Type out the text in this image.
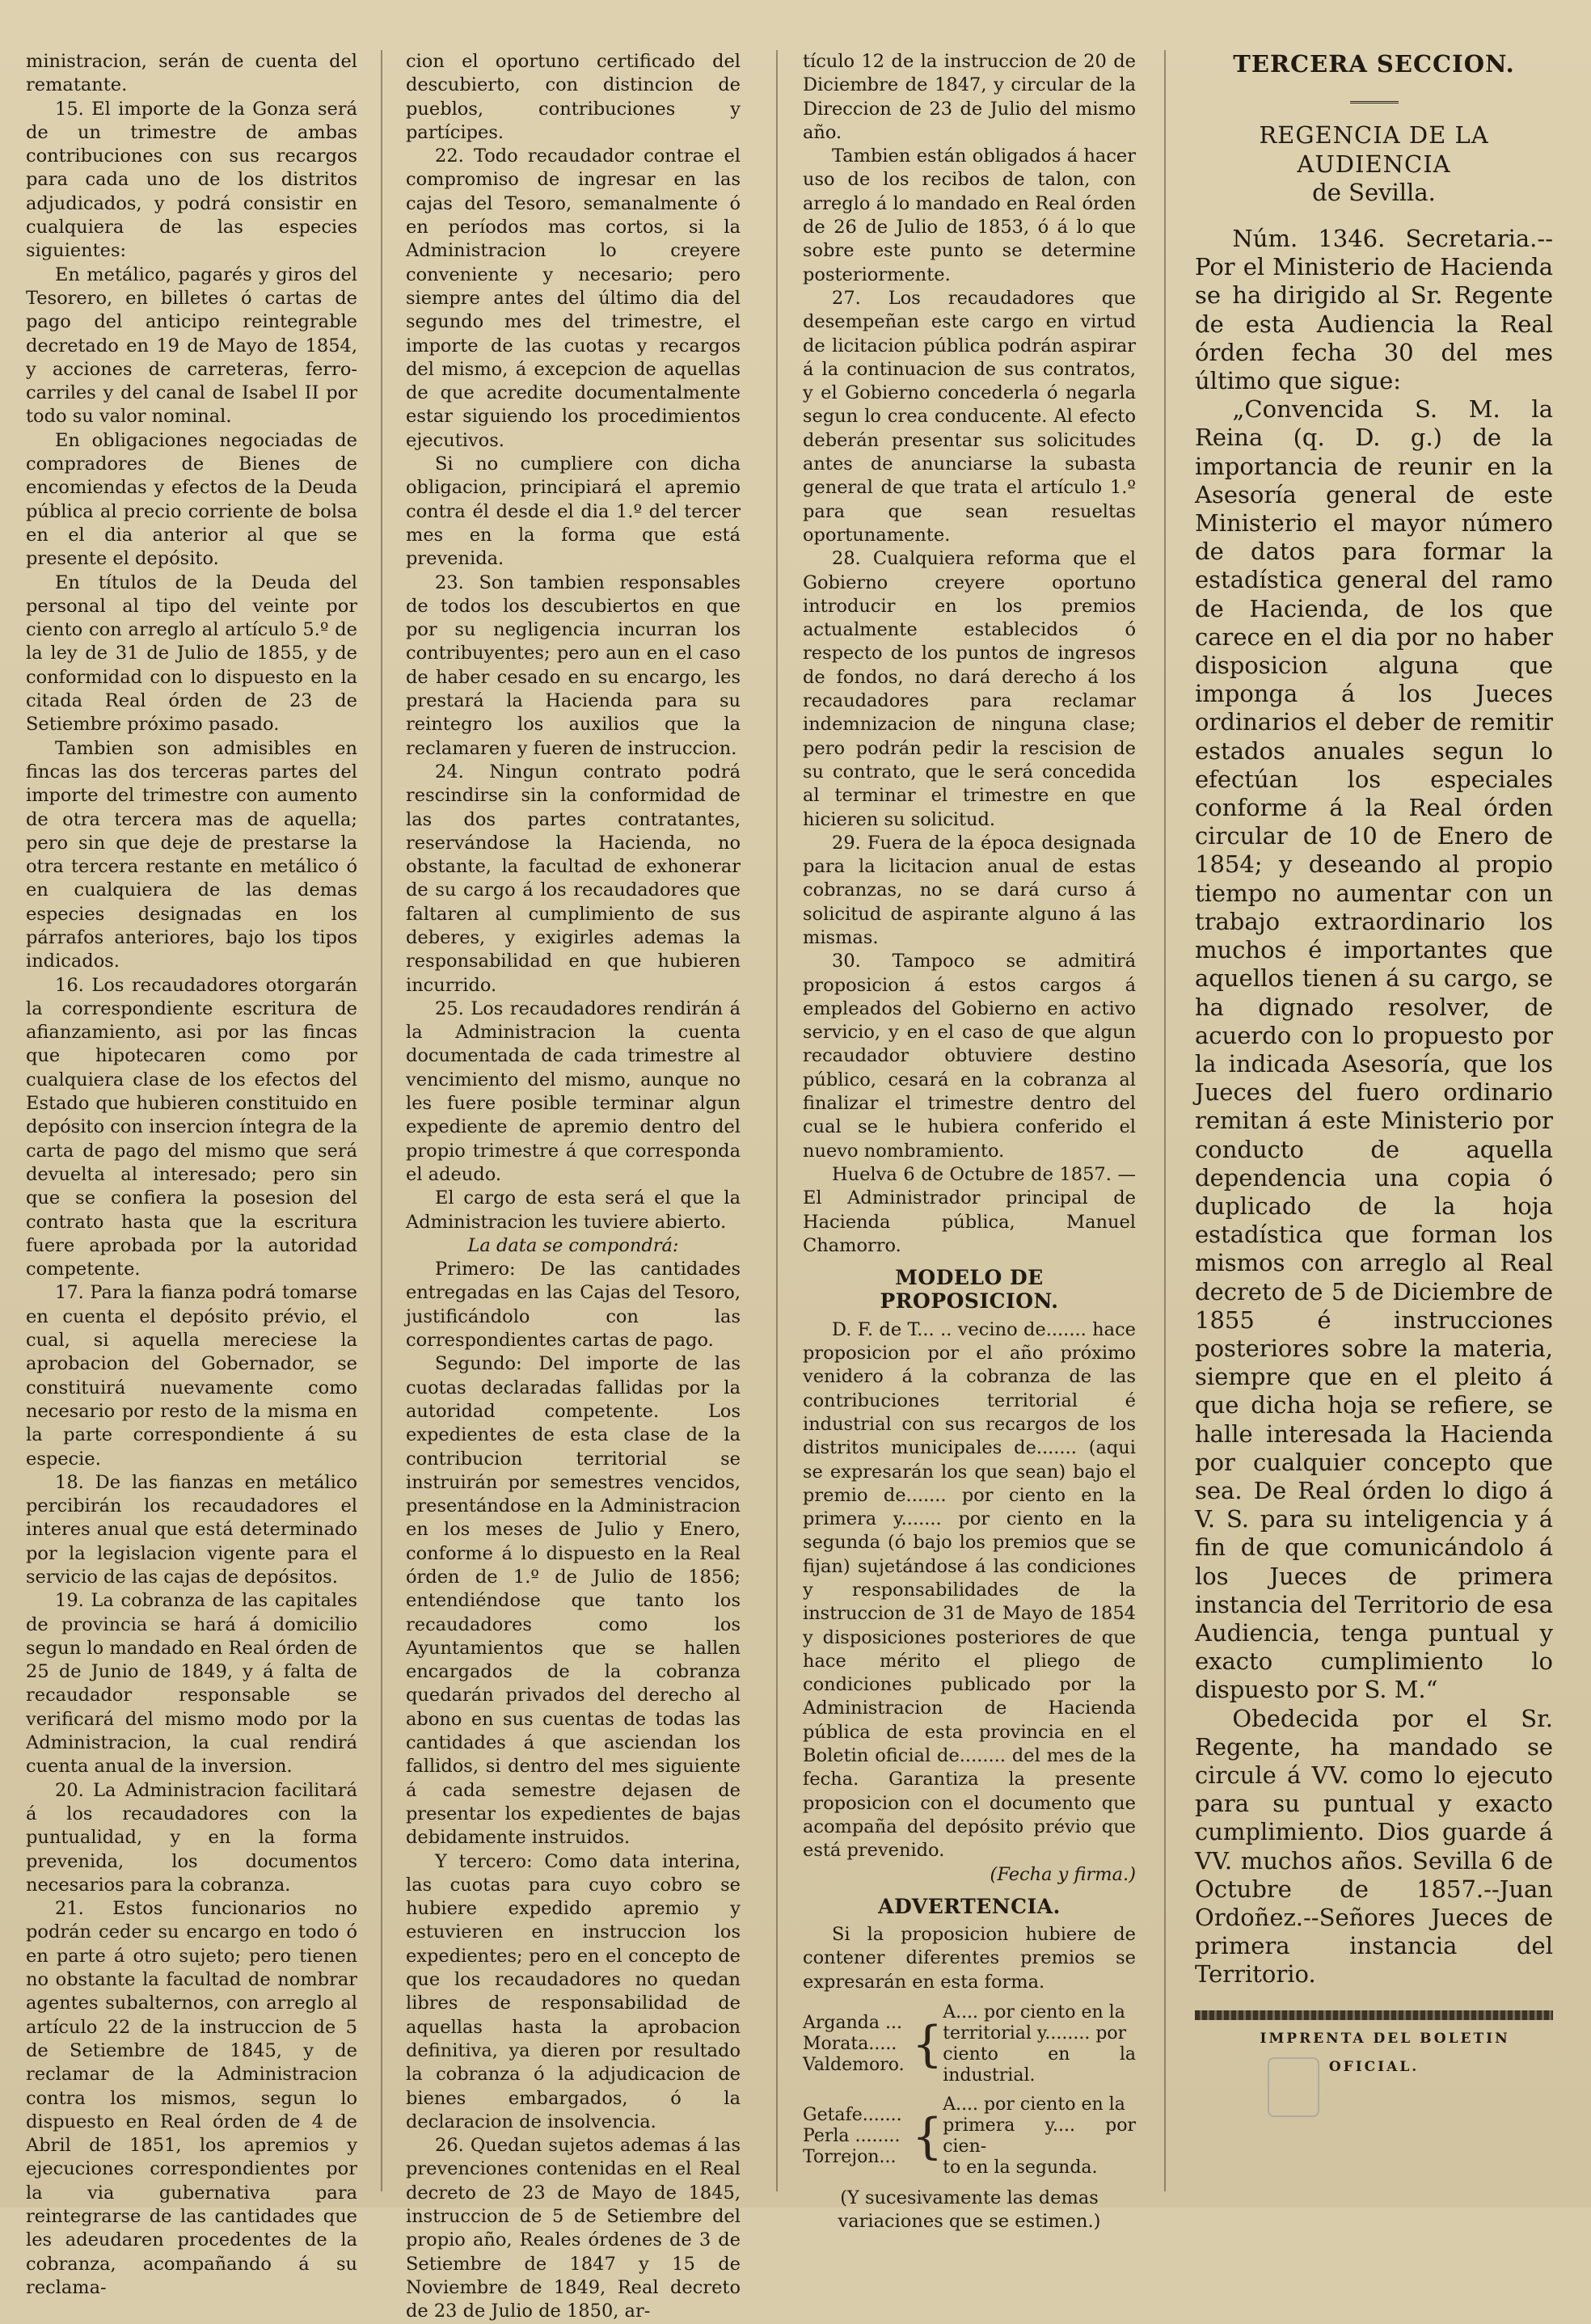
ministracion, serán de cuenta del rematante.

15. El importe de la Gonza será de un trimestre de ambas contribuciones con sus recargos para cada uno de los distritos adjudicados, y podrá consistir en cualquiera de las especies siguientes:

En metálico, pagarés y giros del Tesorero, en billetes ó cartas de pago del anticipo reintegrable decretado en 19 de Mayo de 1854, y acciones de carreteras, ferro-carriles y del canal de Isabel II por todo su valor nominal.

En obligaciones negociadas de compradores de Bienes de encomiendas y efectos de la Deuda pública al precio corriente de bolsa en el dia anterior al que se presente el depósito.

En títulos de la Deuda del personal al tipo del veinte por ciento con arreglo al artículo 5.º de la ley de 31 de Julio de 1855, y de conformidad con lo dispuesto en la citada Real órden de 23 de Setiembre próximo pasado.

Tambien son admisibles en fincas las dos terceras partes del importe del trimestre con aumento de otra tercera mas de aquella; pero sin que deje de prestarse la otra tercera restante en metálico ó en cualquiera de las demas especies designadas en los párrafos anteriores, bajo los tipos indicados.

16. Los recaudadores otorgarán la correspondiente escritura de afianzamiento, asi por las fincas que hipotecaren como por cualquiera clase de los efectos del Estado que hubieren constituido en depósito con insercion íntegra de la carta de pago del mismo que será devuelta al interesado; pero sin que se confiera la posesion del contrato hasta que la escritura fuere aprobada por la autoridad competente.

17. Para la fianza podrá tomarse en cuenta el depósito prévio, el cual, si aquella mereciese la aprobacion del Gobernador, se constituirá nuevamente como necesario por resto de la misma en la parte correspondiente á su especie.

18. De las fianzas en metálico percibirán los recaudadores el interes anual que está determinado por la legislacion vigente para el servicio de las cajas de depósitos.

19. La cobranza de las capitales de provincia se hará á domicilio segun lo mandado en Real órden de 25 de Junio de 1849, y á falta de recaudador responsable se verificará del mismo modo por la Administracion, la cual rendirá cuenta anual de la inversion.

20. La Administracion facilitará á los recaudadores con la puntualidad, y en la forma prevenida, los documentos necesarios para la cobranza.

21. Estos funcionarios no podrán ceder su encargo en todo ó en parte á otro sujeto; pero tienen no obstante la facultad de nombrar agentes subalternos, con arreglo al artículo 22 de la instruccion de 5 de Setiembre de 1845, y de reclamar de la Administracion contra los mismos, segun lo dispuesto en Real órden de 4 de Abril de 1851, los apremios y ejecuciones correspondientes por la via gubernativa para reintegrarse de las cantidades que les adeudaren procedentes de la cobranza, acompañando á su reclama-

cion el oportuno certificado del descubierto, con distincion de pueblos, contribuciones y partícipes.

22. Todo recaudador contrae el compromiso de ingresar en las cajas del Tesoro, semanalmente ó en períodos mas cortos, si la Administracion lo creyere conveniente y necesario; pero siempre antes del último dia del segundo mes del trimestre, el importe de las cuotas y recargos del mismo, á excepcion de aquellas de que acredite documentalmente estar siguiendo los procedimientos ejecutivos.

Si no cumpliere con dicha obligacion, principiará el apremio contra él desde el dia 1.º del tercer mes en la forma que está prevenida.

23. Son tambien responsables de todos los descubiertos en que por su negligencia incurran los contribuyentes; pero aun en el caso de haber cesado en su encargo, les prestará la Hacienda para su reintegro los auxilios que la reclamaren y fueren de instruccion.

24. Ningun contrato podrá rescindirse sin la conformidad de las dos partes contratantes, reservándose la Hacienda, no obstante, la facultad de exhonerar de su cargo á los recaudadores que faltaren al cumplimiento de sus deberes, y exigirles ademas la responsabilidad en que hubieren incurrido.

25. Los recaudadores rendirán á la Administracion la cuenta documentada de cada trimestre al vencimiento del mismo, aunque no les fuere posible terminar algun expediente de apremio dentro del propio trimestre á que corresponda el adeudo.

El cargo de esta será el que la Administracion les tuviere abierto.

La data se compondrá:

Primero: De las cantidades entregadas en las Cajas del Tesoro, justificándolo con las correspondientes cartas de pago.

Segundo: Del importe de las cuotas declaradas fallidas por la autoridad competente. Los expedientes de esta clase de la contribucion territorial se instruirán por semestres vencidos, presentándose en la Administracion en los meses de Julio y Enero, conforme á lo dispuesto en la Real órden de 1.º de Julio de 1856; entendiéndose que tanto los recaudadores como los Ayuntamientos que se hallen encargados de la cobranza quedarán privados del derecho al abono en sus cuentas de todas las cantidades á que asciendan los fallidos, si dentro del mes siguiente á cada semestre dejasen de presentar los expedientes de bajas debidamente instruidos.

Y tercero: Como data interina, las cuotas para cuyo cobro se hubiere expedido apremio y estuvieren en instruccion los expedientes; pero en el concepto de que los recaudadores no quedan libres de responsabilidad de aquellas hasta la aprobacion definitiva, ya dieren por resultado la cobranza ó la adjudicacion de bienes embargados, ó la declaracion de insolvencia.

26. Quedan sujetos ademas á las prevenciones contenidas en el Real decreto de 23 de Mayo de 1845, instruccion de 5 de Setiembre del propio año, Reales órdenes de 3 de Setiembre de 1847 y 15 de Noviembre de 1849, Real decreto de 23 de Julio de 1850, ar-

tículo 12 de la instruccion de 20 de Diciembre de 1847, y circular de la Direccion de 23 de Julio del mismo año.

Tambien están obligados á hacer uso de los recibos de talon, con arreglo á lo mandado en Real órden de 26 de Julio de 1853, ó á lo que sobre este punto se determine posteriormente.

27. Los recaudadores que desempeñan este cargo en virtud de licitacion pública podrán aspirar á la continuacion de sus contratos, y el Gobierno concederla ó negarla segun lo crea conducente. Al efecto deberán presentar sus solicitudes antes de anunciarse la subasta general de que trata el artículo 1.º para que sean resueltas oportunamente.

28. Cualquiera reforma que el Gobierno creyere oportuno introducir en los premios actualmente establecidos ó respecto de los puntos de ingresos de fondos, no dará derecho á los recaudadores para reclamar indemnizacion de ninguna clase; pero podrán pedir la rescision de su contrato, que le será concedida al terminar el trimestre en que hicieren su solicitud.

29. Fuera de la época designada para la licitacion anual de estas cobranzas, no se dará curso á solicitud de aspirante alguno á las mismas.

30. Tampoco se admitirá proposicion á estos cargos á empleados del Gobierno en activo servicio, y en el caso de que algun recaudador obtuviere destino público, cesará en la cobranza al finalizar el trimestre dentro del cual se le hubiera conferido el nuevo nombramiento.

Huelva 6 de Octubre de 1857. —El Administrador principal de Hacienda pública, Manuel Chamorro.

MODELO DE PROPOSICION.

D. F. de T... .. vecino de....... hace proposicion por el año próximo venidero á la cobranza de las contribuciones territorial é industrial con sus recargos de los distritos municipales de....... (aqui se expresarán los que sean) bajo el premio de....... por ciento en la primera y....... por ciento en la segunda (ó bajo los premios que se fijan) sujetándose á las condiciones y responsabilidades de la instruccion de 31 de Mayo de 1854 y disposiciones posteriores de que hace mérito el pliego de condiciones publicado por la Administracion de Hacienda pública de esta provincia en el Boletin oficial de........ del mes de la fecha. Garantiza la presente proposicion con el documento que acompaña del depósito prévio que está prevenido.

(Fecha y firma.)

ADVERTENCIA.

Si la proposicion hubiere de contener diferentes premios se expresarán en esta forma.

Arganda ...
Morata.....
Valdemoro.	{	
A.... por ciento en la
territorial y........ por
ciento en la industrial.
Getafe.......
Perla ........
Torrejon...	{	
A.... por ciento en la
primera y.... por cien-
to en la segunda.

(Y sucesivamente las demas variaciones que se estimen.)

TERCERA SECCION.
REGENCIA DE LA AUDIENCIA
de Sevilla.

Núm. 1346. Secretaria.-- Por el Ministerio de Hacienda se ha dirigido al Sr. Regente de esta Audiencia la Real órden fecha 30 del mes último que sigue:

„Convencida S. M. la Reina (q. D. g.) de la importancia de reunir en la Asesoría general de este Ministerio el mayor número de datos para formar la estadística general del ramo de Hacienda, de los que carece en el dia por no haber disposicion alguna que imponga á los Jueces ordinarios el deber de remitir estados anuales segun lo efectúan los especiales conforme á la Real órden circular de 10 de Enero de 1854; y deseando al propio tiempo no aumentar con un trabajo extraordinario los muchos é importantes que aquellos tienen á su cargo, se ha dignado resolver, de acuerdo con lo propuesto por la indicada Asesoría, que los Jueces del fuero ordinario remitan á este Ministerio por conducto de aquella dependencia una copia ó duplicado de la hoja estadística que forman los mismos con arreglo al Real decreto de 5 de Diciembre de 1855 é instrucciones posteriores sobre la materia, siempre que en el pleito á que dicha hoja se refiere, se halle interesada la Hacienda por cualquier concepto que sea. De Real órden lo digo á V. S. para su inteligencia y á fin de que comunicándolo á los Jueces de primera instancia del Territorio de esa Audiencia, tenga puntual y exacto cumplimiento lo dispuesto por S. M.“

Obedecida por el Sr. Regente, ha mandado se circule á VV. como lo ejecuto para su puntual y exacto cumplimiento. Dios guarde á VV. muchos años. Sevilla 6 de Octubre de 1857.--Juan Ordoñez.--Señores Jueces de primera instancia del Territorio.

IMPRENTA DEL BOLETIN OFICIAL.
